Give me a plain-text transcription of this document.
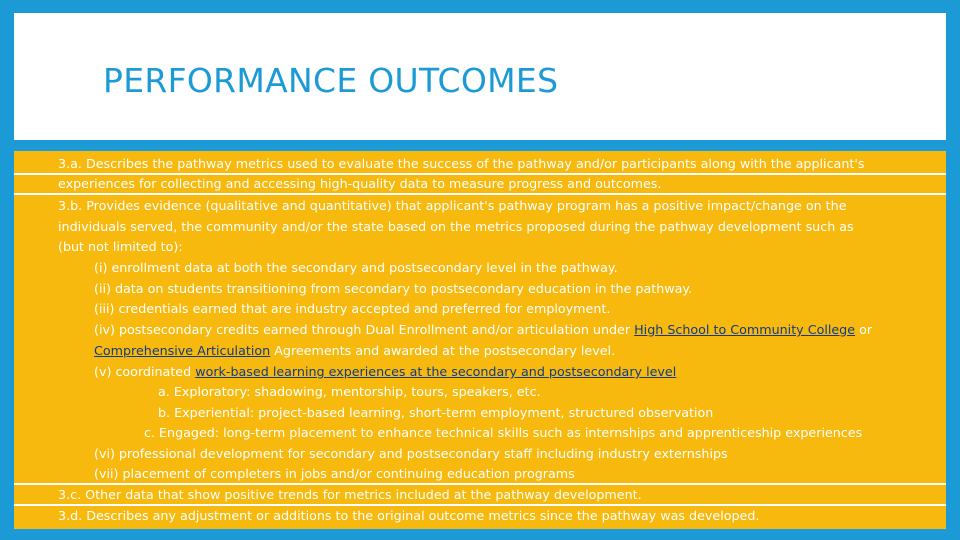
PERFORMANCE OUTCOMES
3.a. Describes the pathway metrics used to evaluate the success of the pathway and/or participants along with the applicant's
experiences for collecting and accessing high-quality data to measure progress and outcomes.
3.b. Provides evidence (qualitative and quantitative) that applicant's pathway program has a positive impact/change on the
individuals served, the community and/or the state based on the metrics proposed during the pathway development such as
(but not limited to):
(i) enrollment data at both the secondary and postsecondary level in the pathway.
(ii) data on students transitioning from secondary to postsecondary education in the pathway.
(iii) credentials earned that are industry accepted and preferred for employment.
(iv) postsecondary credits earned through Dual Enrollment and/or articulation under High School to Community College or
Comprehensive Articulation Agreements and awarded at the postsecondary level.
(v) coordinated work-based learning experiences at the secondary and postsecondary level
a. Exploratory: shadowing, mentorship, tours, speakers, etc.
b. Experiential: project-based learning, short-term employment, structured observation
c. Engaged: long-term placement to enhance technical skills such as internships and apprenticeship experiences
(vi) professional development for secondary and postsecondary staff including industry externships
(vii) placement of completers in jobs and/or continuing education programs
3.c. Other data that show positive trends for metrics included at the pathway development.
3.d. Describes any adjustment or additions to the original outcome metrics since the pathway was developed.
